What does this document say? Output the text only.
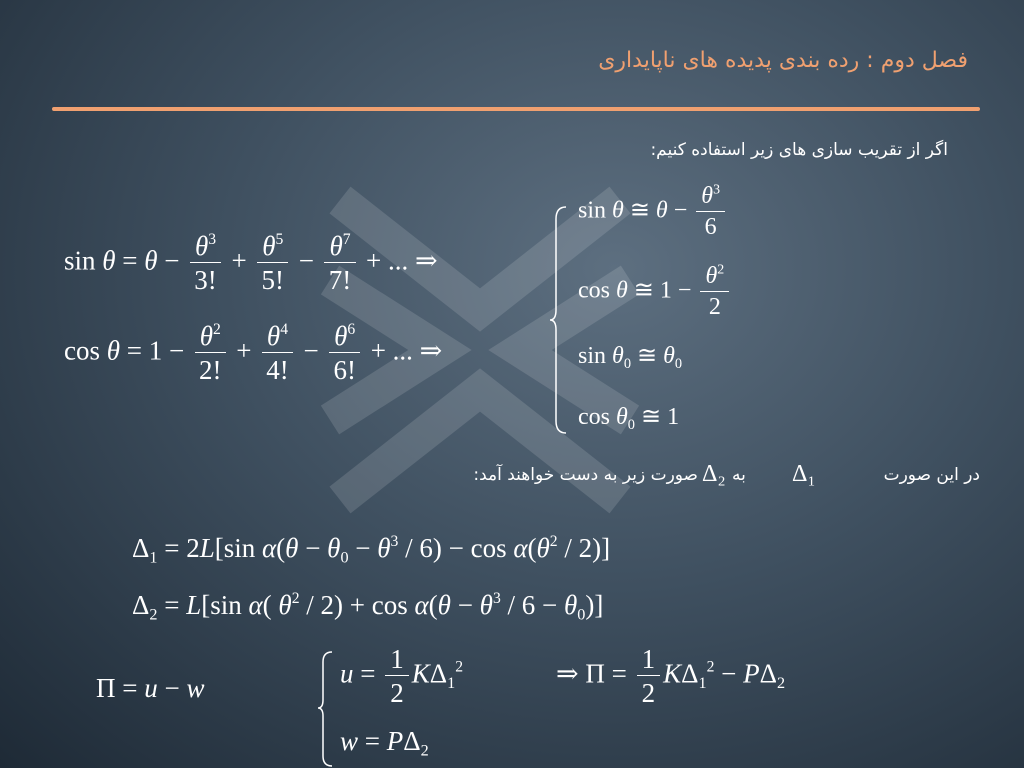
فصل دوم : رده بندی پدیده های ناپایداری
اگر از تقریب سازی های زیر استفاده کنیم:
$\sin \theta = \theta - \frac{\theta^3}{3!} + \frac{\theta^5}{5!} - \frac{\theta^7}{7!}$ + ... ⇒
$\cos \theta = 1 - \frac{\theta^2}{2!} + \frac{\theta^4}{4!} - \frac{\theta^6}{6!}$ + ... ⇒
sin θ ≅ $\theta - \frac{\theta^3}{6}$
cos θ ≅ $1 - \frac{\theta^2}{2}$
$\sin \theta_0$ ≅ $\theta_0$
$\cos \theta_0$ ≅ 1
در این صورت
Δ₁
به
Δ₂
صورت زیر به دست خواهند آمد:
$\Delta_1 = 2L[\sin$ $\alpha(\theta - \theta_0 - \theta^3 / 6) - \cos \alpha(\theta^2 / 2)$]
$\Delta_2 = L[\sin$ α( $\theta^2 / 2) + \cos \alpha(\theta - \theta^3 / 6 - \theta_0)$]
Π = u − w	$u = \frac{1}{2} K\Delta_1^2$
$w = P\Delta_2$
⇒ $\Pi = \frac{1}{2} K\Delta_1^2 - P\Delta_2$
